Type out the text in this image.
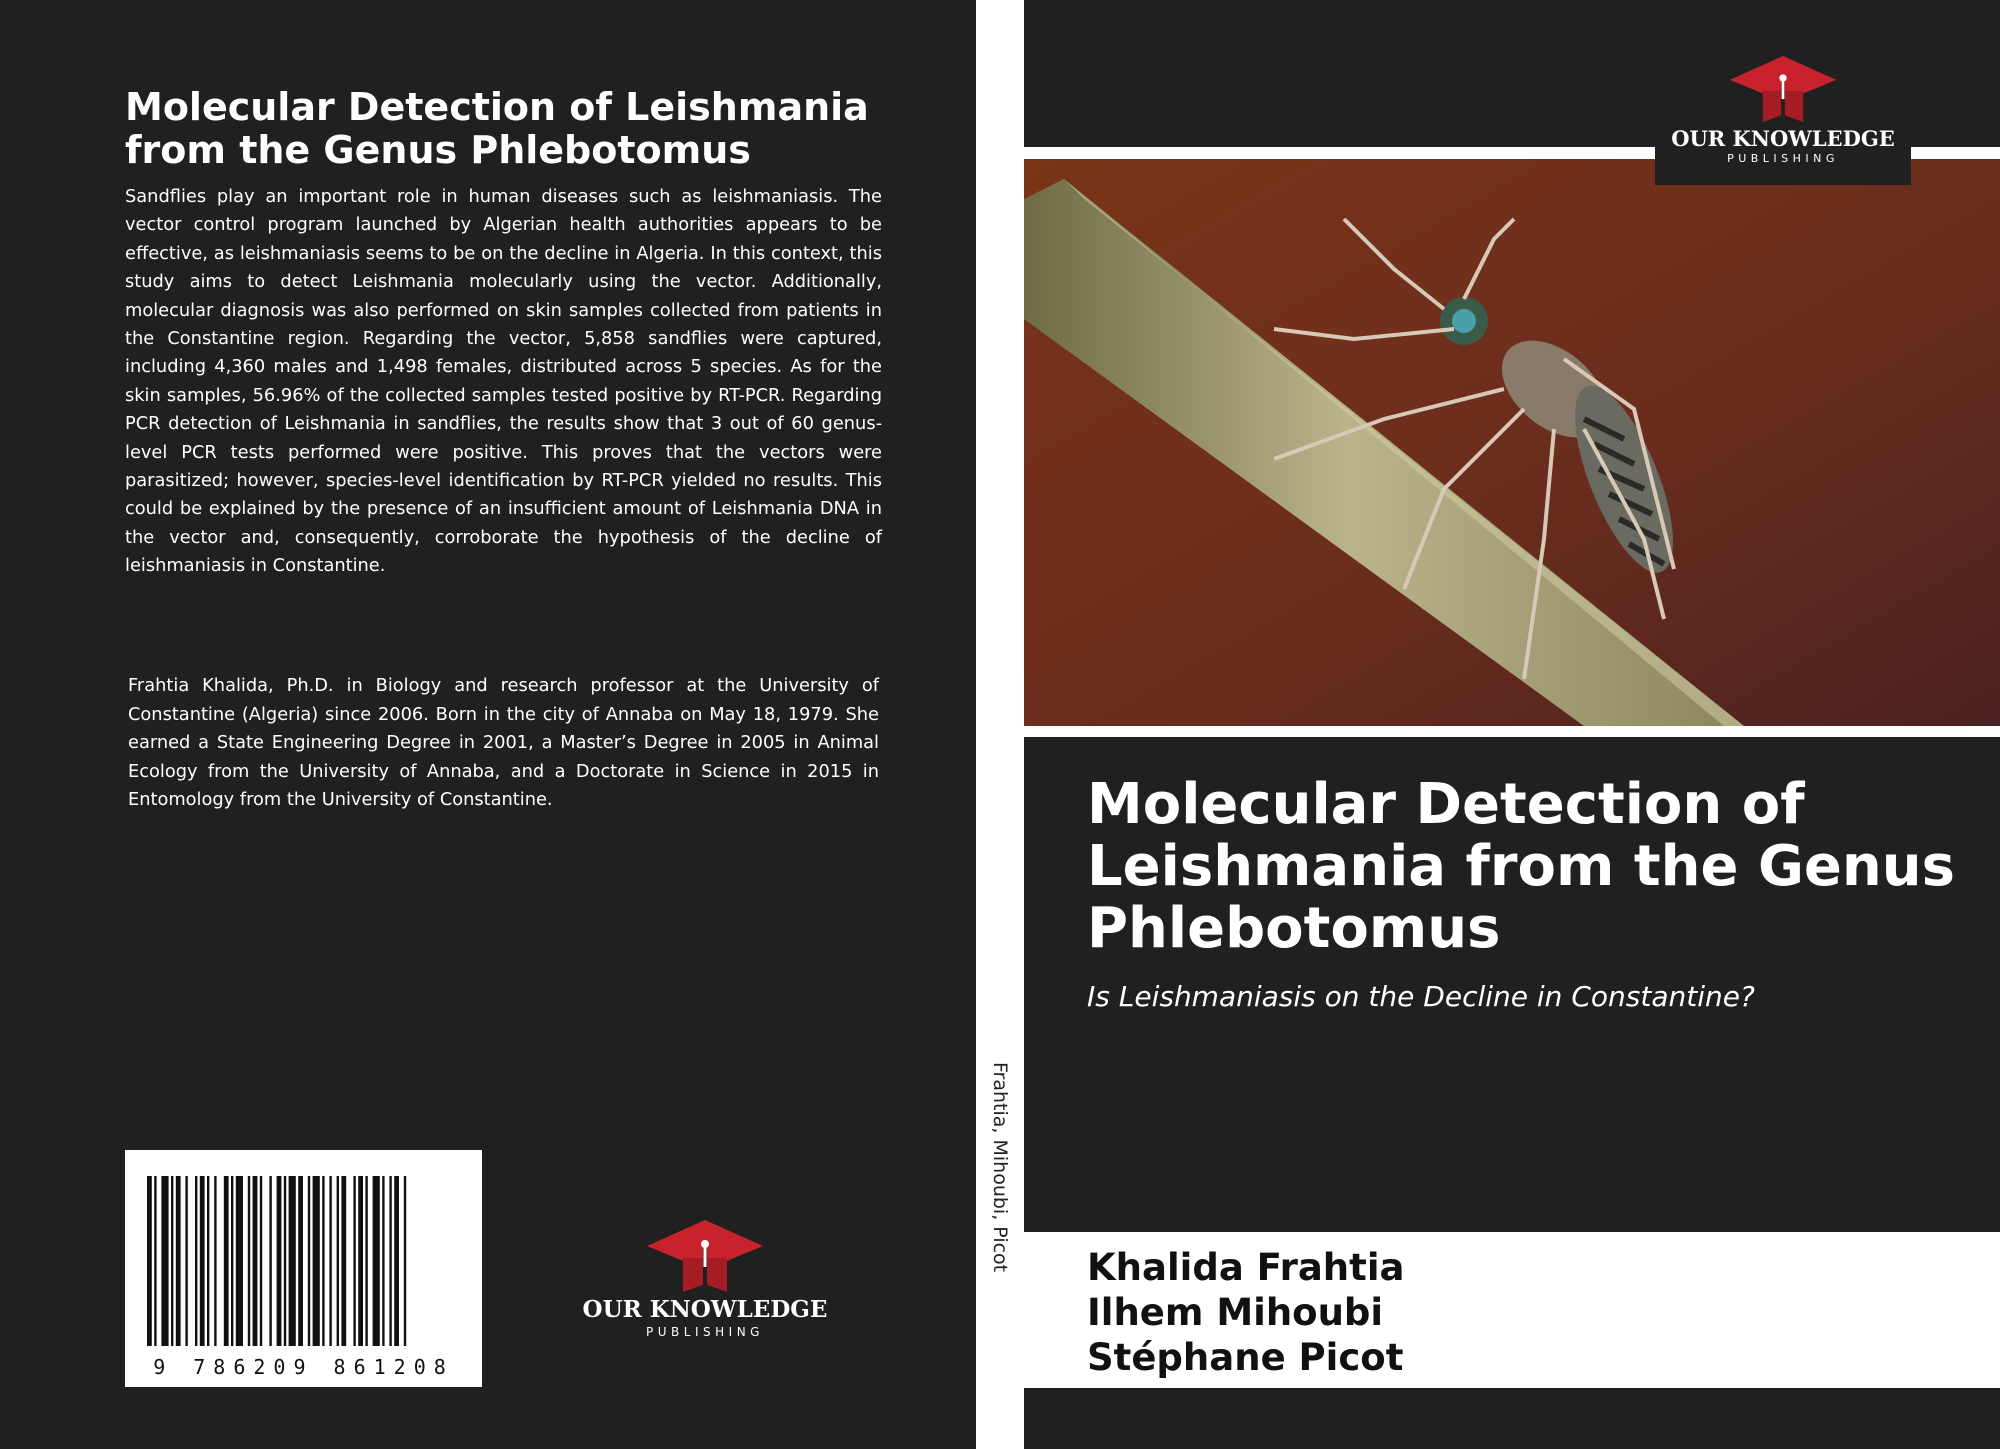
Molecular Detection of Leishmania from the Genus Phlebotomus

Sandflies play an important role in human diseases such as leishmaniasis. The vector control program launched by Algerian health authorities appears to be effective, as leishmaniasis seems to be on the decline in Algeria. In this context, this study aims to detect Leishmania molecularly using the vector. Additionally, molecular diagnosis was also performed on skin samples collected from patients in the Constantine region. Regarding the vector, 5,858 sandflies were captured, including 4,360 males and 1,498 females, distributed across 5 species. As for the skin samples, 56.96% of the collected samples tested positive by RT-PCR. Regarding PCR detection of Leishmania in sandflies, the results show that 3 out of 60 genus-level PCR tests performed were positive. This proves that the vectors were parasitized; however, species-level identification by RT-PCR yielded no results. This could be explained by the presence of an insufficient amount of Leishmania DNA in the vector and, consequently, corroborate the hypothesis of the decline of leishmaniasis in Constantine.

Frahtia Khalida, Ph.D. in Biology and research professor at the University of Constantine (Algeria) since 2006. Born in the city of Annaba on May 18, 1979. She earned a State Engineering Degree in 2001, a Master’s Degree in 2005 in Animal Ecology from the University of Annaba, and a Doctorate in Science in 2015 in Entomology from the University of Constantine.

9 786209 861208
OUR KNOWLEDGE
PUBLISHING
Frahtia, Mihoubi, Picot
OUR KNOWLEDGE
PUBLISHING
Molecular Detection of Leishmania from the Genus Phlebotomus

Is Leishmaniasis on the Decline in Constantine?

Khalida Frahtia
Ilhem Mihoubi
Stéphane Picot
